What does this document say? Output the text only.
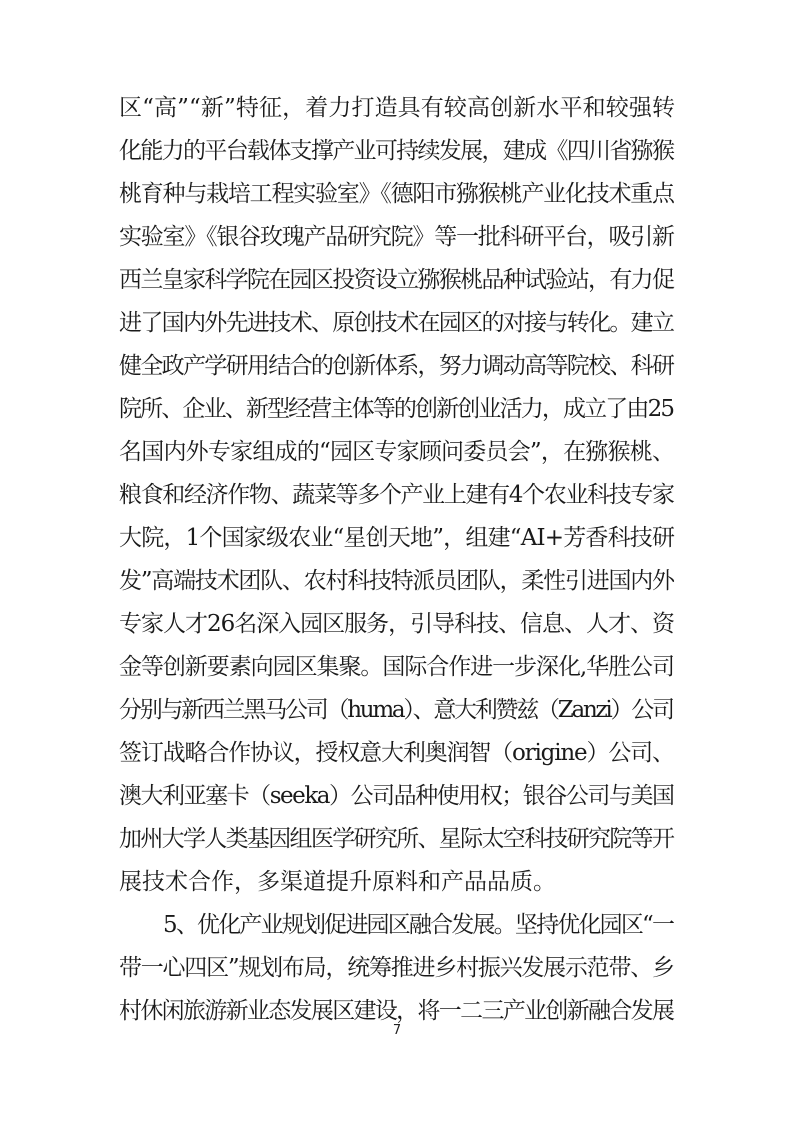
区“高”“新”特征，着力打造具有较高创新水平和较强转
化能力的平台载体支撑产业可持续发展，建成《四川省猕猴
桃育种与栽培工程实验室》《德阳市猕猴桃产业化技术重点
实验室》《银谷玫瑰产品研究院》等一批科研平台，吸引新
西兰皇家科学院在园区投资设立猕猴桃品种试验站，有力促
进了国内外先进技术、原创技术在园区的对接与转化。建立
健全政产学研用结合的创新体系，努力调动高等院校、科研
院所、企业、新型经营主体等的创新创业活力，成立了由25
名国内外专家组成的“园区专家顾问委员会”，在猕猴桃、
粮食和经济作物、蔬菜等多个产业上建有4个农业科技专家
大院，1个国家级农业“星创天地”，组建“AI+芳香科技研
发”高端技术团队、农村科技特派员团队，柔性引进国内外
专家人才26名深入园区服务，引导科技、信息、人才、资
金等创新要素向园区集聚。国际合作进一步深化,华胜公司
分别与新西兰黑马公司（huma）、意大利赞兹（Zanzi）公司
签订战略合作协议，授权意大利奥润智（origine）公司、
澳大利亚塞卡（seeka）公司品种使用权；银谷公司与美国
加州大学人类基因组医学研究所、星际太空科技研究院等开
展技术合作，多渠道提升原料和产品品质。
5、优化产业规划促进园区融合发展。坚持优化园区“一
带一心四区”规划布局，统筹推进乡村振兴发展示范带、乡
村休闲旅游新业态发展区建设，将一二三产业创新融合发展
7
